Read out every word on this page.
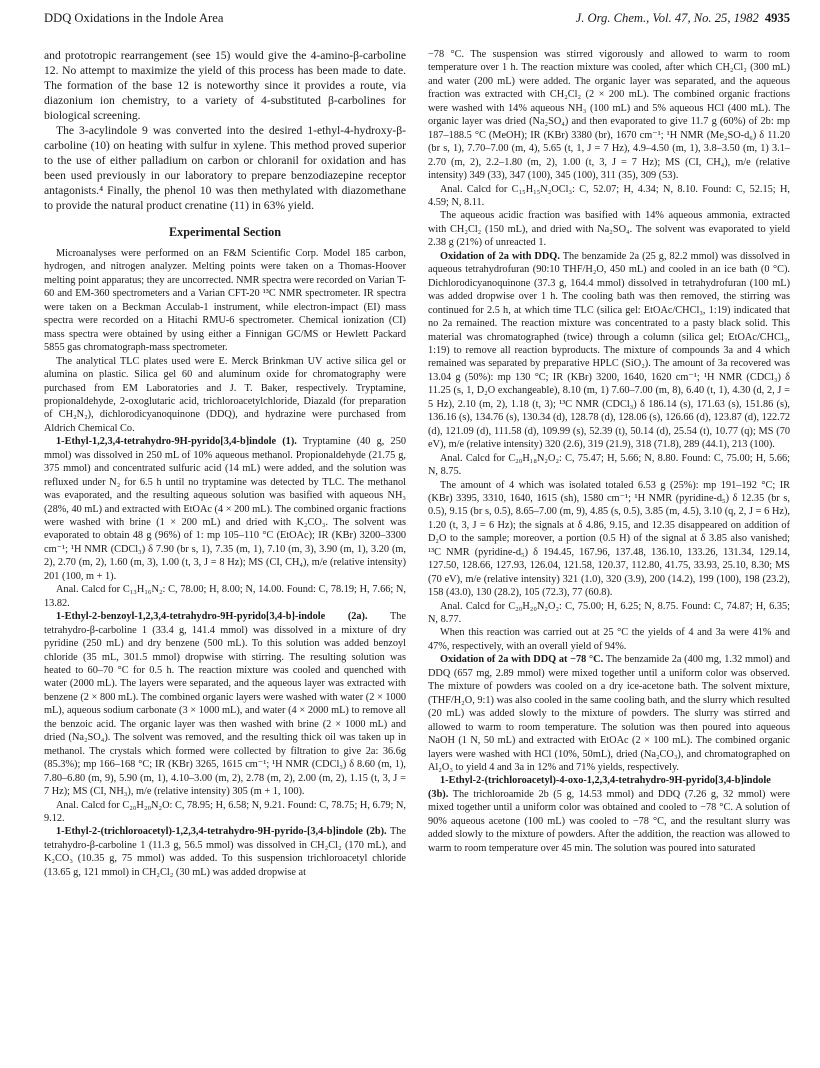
DDQ Oxidations in the Indole Area	J. Org. Chem., Vol. 47, No. 25, 1982 4935

and prototropic rearrangement (see 15) would give the 4-amino-β-carboline 12. No attempt to maximize the yield of this process has been made to date. The formation of the base 12 is noteworthy since it provides a route, via diazonium ion chemistry, to a variety of 4-substituted β-carbolines for biological screening.

The 3-acylindole 9 was converted into the desired 1-ethyl-4-hydroxy-β-carboline (10) on heating with sulfur in xylene. This method proved superior to the use of either palladium on carbon or chloranil for oxidation and has been used previously in our laboratory to prepare benzodiazepine receptor antagonists.⁴ Finally, the phenol 10 was then methylated with diazomethane to provide the natural product crenatine (11) in 63% yield.

Experimental Section

Microanalyses were performed on an F&M Scientific Corp. Model 185 carbon, hydrogen, and nitrogen analyzer. Melting points were taken on a Thomas-Hoover melting point apparatus; they are uncorrected. NMR spectra were recorded on Varian T-60 and EM-360 spectrometers and a Varian CFT-20 ¹³C NMR spectrometer. IR spectra were taken on a Beckman Acculab-1 instrument, while electron-impact (EI) mass spectra were recorded on a Hitachi RMU-6 spectrometer. Chemical ionization (CI) mass spectra were obtained by using either a Finnigan GC/MS or Hewlett Packard 5855 gas chromatograph-mass spectrometer.

The analytical TLC plates used were E. Merck Brinkman UV active silica gel or alumina on plastic. Silica gel 60 and aluminum oxide for chromatography were purchased from EM Laboratories and J. T. Baker, respectively. Tryptamine, propionaldehyde, 2-oxoglutaric acid, trichloroacetylchloride, Diazald (for preparation of CH₂N₂), dichlorodicyanoquinone (DDQ), and hydrazine were purchased from Aldrich Chemical Co.

1-Ethyl-1,2,3,4-tetrahydro-9H-pyrido[3,4-b]indole (1). Tryptamine (40 g, 250 mmol) was dissolved in 250 mL of 10% aqueous methanol. Propionaldehyde (21.75 g, 375 mmol) and concentrated sulfuric acid (14 mL) were added, and the solution was refluxed under N₂ for 6.5 h until no tryptamine was detected by TLC. The methanol was evaporated, and the resulting aqueous solution was basified with aqueous NH₃ (28%, 40 mL) and extracted with EtOAc (4 × 200 mL). The combined organic fractions were washed with brine (1 × 200 mL) and dried with K₂CO₃. The solvent was evaporated to obtain 48 g (96%) of 1: mp 105–110 °C (EtOAc); IR (KBr) 3200–3300 cm⁻¹; ¹H NMR (CDCl₃) δ 7.90 (br s, 1), 7.35 (m, 1), 7.10 (m, 3), 3.90 (m, 1), 3.20 (m, 2), 2.70 (m, 2), 1.60 (m, 3), 1.00 (t, 3, J = 8 Hz); MS (CI, CH₄), m/e (relative intensity) 201 (100, m + 1).

Anal. Calcd for C₁₃H₁₆N₂: C, 78.00; H, 8.00; N, 14.00. Found: C, 78.19; H, 7.66; N, 13.82.

1-Ethyl-2-benzoyl-1,2,3,4-tetrahydro-9H-pyrido[3,4-b]-indole (2a). The tetrahydro-β-carboline 1 (33.4 g, 141.4 mmol) was dissolved in a mixture of dry pyridine (250 mL) and dry benzene (500 mL). To this solution was added benzoyl chloride (35 mL, 301.5 mmol) dropwise with stirring. The resulting solution was heated to 60–70 °C for 0.5 h. The reaction mixture was cooled and quenched with water (2000 mL). The layers were separated, and the aqueous layer was extracted with benzene (2 × 800 mL). The combined organic layers were washed with water (2 × 1000 mL), aqueous sodium carbonate (3 × 1000 mL), and water (4 × 2000 mL) to remove all the benzoic acid. The organic layer was then washed with brine (2 × 1000 mL) and dried (Na₂SO₄). The solvent was removed, and the resulting thick oil was taken up in methanol. The crystals which formed were collected by filtration to give 2a: 36.6g (85.3%); mp 166–168 °C; IR (KBr) 3265, 1615 cm⁻¹; ¹H NMR (CDCl₃) δ 8.60 (m, 1), 7.80–6.80 (m, 9), 5.90 (m, 1), 4.10–3.00 (m, 2), 2.78 (m, 2), 2.00 (m, 2), 1.15 (t, 3, J = 7 Hz); MS (CI, NH₃), m/e (relative intensity) 305 (m + 1, 100).

Anal. Calcd for C₂₀H₂₀N₂O: C, 78.95; H, 6.58; N, 9.21. Found: C, 78.75; H, 6.79; N, 9.12.

1-Ethyl-2-(trichloroacetyl)-1,2,3,4-tetrahydro-9H-pyrido-[3,4-b]indole (2b). The tetrahydro-β-carboline 1 (11.3 g, 56.5 mmol) was dissolved in CH₂Cl₂ (170 mL), and K₂CO₃ (10.35 g, 75 mmol) was added. To this suspension trichloroacetyl chloride (13.65 g, 121 mmol) in CH₂Cl₂ (30 mL) was added dropwise at

−78 °C. The suspension was stirred vigorously and allowed to warm to room temperature over 1 h. The reaction mixture was cooled, after which CH₂Cl₂ (300 mL) and water (200 mL) were added. The organic layer was separated, and the aqueous fraction was extracted with CH₂Cl₂ (2 × 200 mL). The combined organic fractions were washed with 14% aqueous NH₃ (100 mL) and 5% aqueous HCl (400 mL). The organic layer was dried (Na₂SO₄) and then evaporated to give 11.7 g (60%) of 2b: mp 187–188.5 °C (MeOH); IR (KBr) 3380 (br), 1670 cm⁻¹; ¹H NMR (Me₂SO-d₆) δ 11.20 (br s, 1), 7.70–7.00 (m, 4), 5.65 (t, 1, J = 7 Hz), 4.9–4.50 (m, 1), 3.8–3.50 (m, 1) 3.1–2.70 (m, 2), 2.2–1.80 (m, 2), 1.00 (t, 3, J = 7 Hz); MS (CI, CH₄), m/e (relative intensity) 349 (33), 347 (100), 345 (100), 311 (35), 309 (53).

Anal. Calcd for C₁₅H₁₅N₂OCl₃: C, 52.07; H, 4.34; N, 8.10. Found: C, 52.15; H, 4.59; N, 8.11.

The aqueous acidic fraction was basified with 14% aqueous ammonia, extracted with CH₂Cl₂ (150 mL), and dried with Na₂SO₄. The solvent was evaporated to yield 2.38 g (21%) of unreacted 1.

Oxidation of 2a with DDQ. The benzamide 2a (25 g, 82.2 mmol) was dissolved in aqueous tetrahydrofuran (90:10 THF/H₂O, 450 mL) and cooled in an ice bath (0 °C). Dichlorodicyanoquinone (37.3 g, 164.4 mmol) dissolved in tetrahydrofuran (100 mL) was added dropwise over 1 h. The cooling bath was then removed, the stirring was continued for 2.5 h, at which time TLC (silica gel: EtOAc/CHCl₃, 1:19) indicated that no 2a remained. The reaction mixture was concentrated to a pasty black solid. This material was chromatographed (twice) through a column (silica gel; EtOAc/CHCl₃, 1:19) to remove all reaction byproducts. The mixture of compounds 3a and 4 which remained was separated by preparative HPLC (SiO₂). The amount of 3a recovered was 13.04 g (50%): mp 130 °C; IR (KBr) 3200, 1640, 1620 cm⁻¹; ¹H NMR (CDCl₃) δ 11.25 (s, 1, D₂O exchangeable), 8.10 (m, 1) 7.60–7.00 (m, 8), 6.40 (t, 1), 4.30 (d, 2, J = 5 Hz), 2.10 (m, 2), 1.18 (t, 3); ¹³C NMR (CDCl₃) δ 186.14 (s), 171.63 (s), 151.86 (s), 136.16 (s), 134.76 (s), 130.34 (d), 128.78 (d), 128.06 (s), 126.66 (d), 123.87 (d), 122.72 (d), 121.09 (d), 111.58 (d), 109.99 (s), 52.39 (t), 50.14 (d), 25.54 (t), 10.77 (q); MS (70 eV), m/e (relative intensity) 320 (2.6), 319 (21.9), 318 (71.8), 289 (44.1), 213 (100).

Anal. Calcd for C₂₀H₁₈N₂O₂: C, 75.47; H, 5.66; N, 8.80. Found: C, 75.00; H, 5.66; N, 8.75.

The amount of 4 which was isolated totaled 6.53 g (25%): mp 191–192 °C; IR (KBr) 3395, 3310, 1640, 1615 (sh), 1580 cm⁻¹; ¹H NMR (pyridine-d₅) δ 12.35 (br s, 0.5), 9.15 (br s, 0.5), 8.65–7.00 (m, 9), 4.85 (s, 0.5), 3.85 (m, 4.5), 3.10 (q, 2, J = 6 Hz), 1.20 (t, 3, J = 6 Hz); the signals at δ 4.86, 9.15, and 12.35 disappeared on addition of D₂O to the sample; moreover, a portion (0.5 H) of the signal at δ 3.85 also vanished; ¹³C NMR (pyridine-d₅) δ 194.45, 167.96, 137.48, 136.10, 133.26, 131.34, 129.14, 127.50, 128.66, 127.93, 126.04, 121.58, 120.37, 112.80, 41.75, 33.93, 25.10, 8.30; MS (70 eV), m/e (relative intensity) 321 (1.0), 320 (3.9), 200 (14.2), 199 (100), 198 (23.2), 158 (43.0), 130 (28.2), 105 (72.3), 77 (60.8).

Anal. Calcd for C₂₀H₂₀N₂O₂: C, 75.00; H, 6.25; N, 8.75. Found: C, 74.87; H, 6.35; N, 8.77.

When this reaction was carried out at 25 °C the yields of 4 and 3a were 41% and 47%, respectively, with an overall yield of 94%.

Oxidation of 2a with DDQ at −78 °C. The benzamide 2a (400 mg, 1.32 mmol) and DDQ (657 mg, 2.89 mmol) were mixed together until a uniform color was observed. The mixture of powders was cooled on a dry ice-acetone bath. The solvent mixture, (THF/H₂O, 9:1) was also cooled in the same cooling bath, and the slurry which resulted (20 mL) was added slowly to the mixture of powders. The slurry was stirred and allowed to warm to room temperature. The solution was then poured into aqueous NaOH (1 N, 50 mL) and extracted with EtOAc (2 × 100 mL). The combined organic layers were washed with HCl (10%, 50mL), dried (Na₂CO₃), and chromatographed on Al₂O₃ to yield 4 and 3a in 12% and 71% yields, respectively.

1-Ethyl-2-(trichloroacetyl)-4-oxo-1,2,3,4-tetrahydro-9H-pyrido[3,4-b]indole (3b). The trichloroamide 2b (5 g, 14.53 mmol) and DDQ (7.26 g, 32 mmol) were mixed together until a uniform color was obtained and cooled to −78 °C. A solution of 90% aqueous acetone (100 mL) was cooled to −78 °C, and the resultant slurry was added slowly to the mixture of powders. After the addition, the reaction was allowed to warm to room temperature over 45 min. The solution was poured into saturated
